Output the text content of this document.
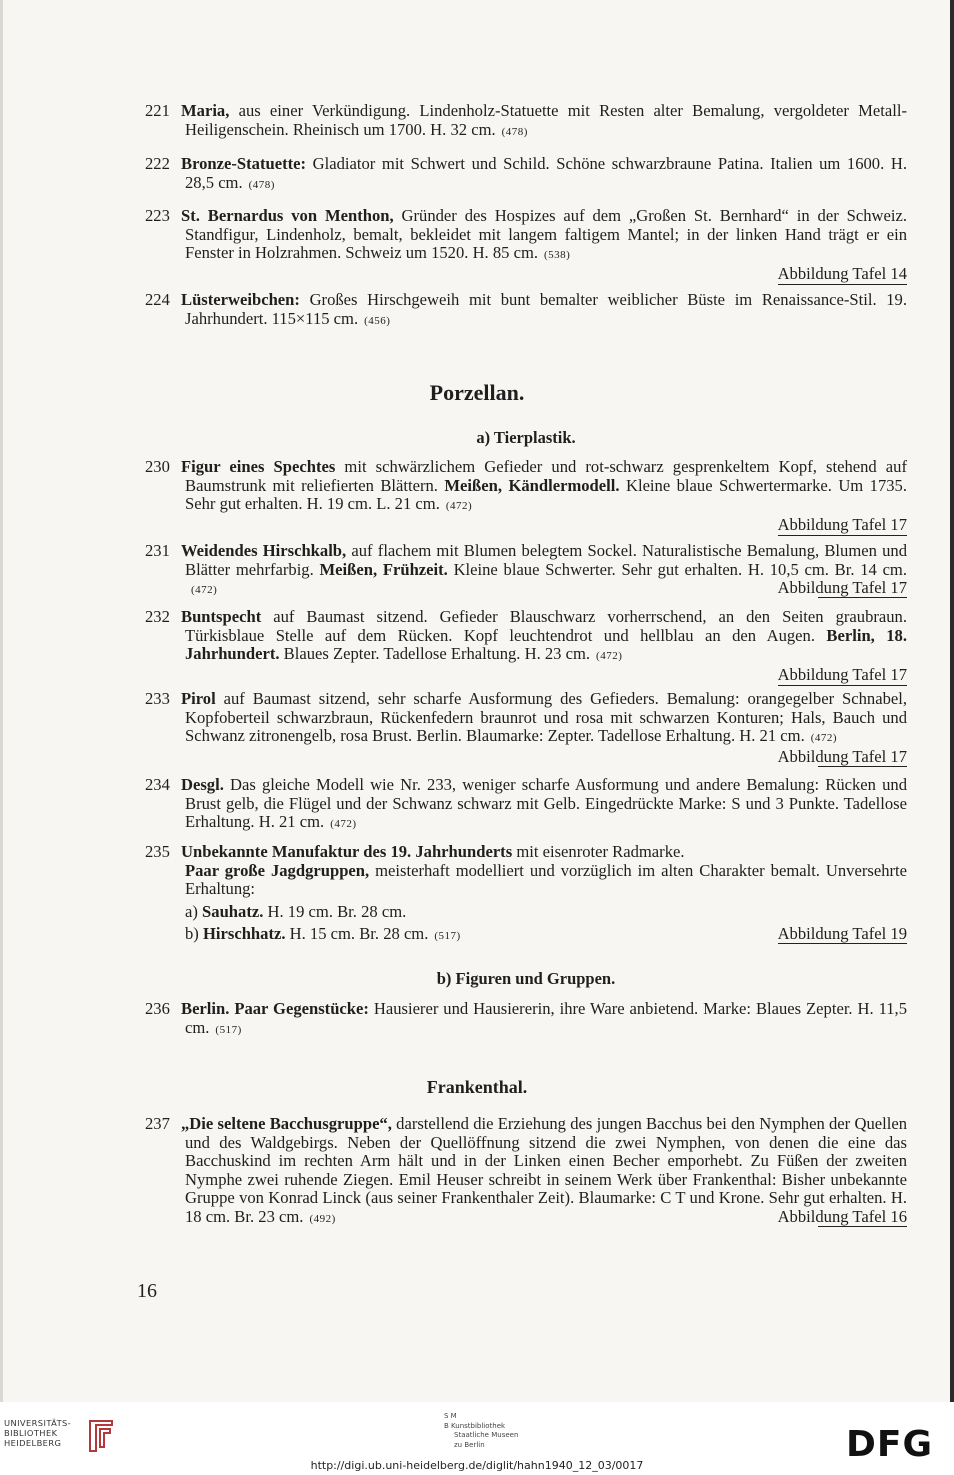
221 Maria, aus einer Verkündigung. Lindenholz-Statuette mit Resten alter Bemalung, vergoldeter Metall-Heiligenschein. Rheinisch um 1700. H. 32 cm. (478)
222 Bronze-Statuette: Gladiator mit Schwert und Schild. Schöne schwarzbraune Patina. Italien um 1600. H. 28,5 cm. (478)
223 St. Bernardus von Menthon, Gründer des Hospizes auf dem „Großen St. Bernhard“ in der Schweiz. Standfigur, Lindenholz, bemalt, bekleidet mit langem faltigem Mantel; in der linken Hand trägt er ein Fenster in Holzrahmen. Schweiz um 1520. H. 85 cm. (538)
Abbildung Tafel 14
224 Lüsterweibchen: Großes Hirschgeweih mit bunt bemalter weiblicher Büste im Renaissance-Stil. 19. Jahrhundert. 115×115 cm. (456)
Porzellan.
a) Tierplastik.
230 Figur eines Spechtes mit schwärzlichem Gefieder und rot-schwarz gesprenkeltem Kopf, stehend auf Baumstrunk mit reliefierten Blättern. Meißen, Kändlermodell. Kleine blaue Schwertermarke. Um 1735. Sehr gut erhalten. H. 19 cm. L. 21 cm. (472)
Abbildung Tafel 17
231 Weidendes Hirschkalb, auf flachem mit Blumen belegtem Sockel. Naturalistische Bemalung, Blumen und Blätter mehrfarbig. Meißen, Frühzeit. Kleine blaue Schwerter. Sehr gut erhalten. H. 10,5 cm. Br. 14 cm.(472)	Abbildung Tafel 17
232 Buntspecht auf Baumast sitzend. Gefieder Blauschwarz vorherrschend, an den Seiten graubraun. Türkisblaue Stelle auf dem Rücken. Kopf leuchtendrot und hellblau an den Augen. Berlin, 18. Jahrhundert. Blaues Zepter. Tadellose Erhaltung. H. 23 cm. (472)
Abbildung Tafel 17
233 Pirol auf Baumast sitzend, sehr scharfe Ausformung des Gefieders. Bemalung: orangegelber Schnabel, Kopfoberteil schwarzbraun, Rückenfedern braunrot und rosa mit schwarzen Konturen; Hals, Bauch und Schwanz zitronengelb, rosa Brust. Berlin. Blaumarke: Zepter. Tadellose Erhaltung. H. 21 cm. (472)
Abbildung Tafel 17
234 Desgl. Das gleiche Modell wie Nr. 233, weniger scharfe Ausformung und andere Bemalung: Rücken und Brust gelb, die Flügel und der Schwanz schwarz mit Gelb. Eingedrückte Marke: S und 3 Punkte. Tadellose Erhaltung. H. 21 cm. (472)
235 Unbekannte Manufaktur des 19. Jahrhunderts mit eisenroter Radmarke.
Paar große Jagdgruppen, meisterhaft modelliert und vorzüglich im alten Charakter bemalt. Unversehrte Erhaltung:
a) Sauhatz. H. 19 cm. Br. 28 cm.
b) Hirschhatz. H. 15 cm. Br. 28 cm. (517)	Abbildung Tafel 19
b) Figuren und Gruppen.
236 Berlin. Paar Gegenstücke: Hausierer und Hausiererin, ihre Ware anbietend. Marke: Blaues Zepter. H. 11,5 cm. (517)
Frankenthal.
237 „Die seltene Bacchusgruppe“, darstellend die Erziehung des jungen Bacchus bei den Nymphen der Quellen und des Waldgebirgs. Neben der Quellöffnung sitzend die zwei Nymphen, von denen die eine das Bacchuskind im rechten Arm hält und in der Linken einen Becher emporhebt. Zu Füßen der zweiten Nymphe zwei ruhende Ziegen. Emil Heuser schreibt in seinem Werk über Frankenthal: Bisher unbekannte Gruppe von Konrad Linck (aus seiner Frankenthaler Zeit). Blaumarke: C T und Krone. Sehr gut erhalten. H. 18 cm. Br. 23 cm. (492)	Abbildung Tafel 16
16
UNIVERSITÄTS-
BIBLIOTHEK
HEIDELBERG
S M
B Kunstbibliothek
Staatliche Museen
zu Berlin	DFG
http://digi.ub.uni-heidelberg.de/diglit/hahn1940_12_03/0017
